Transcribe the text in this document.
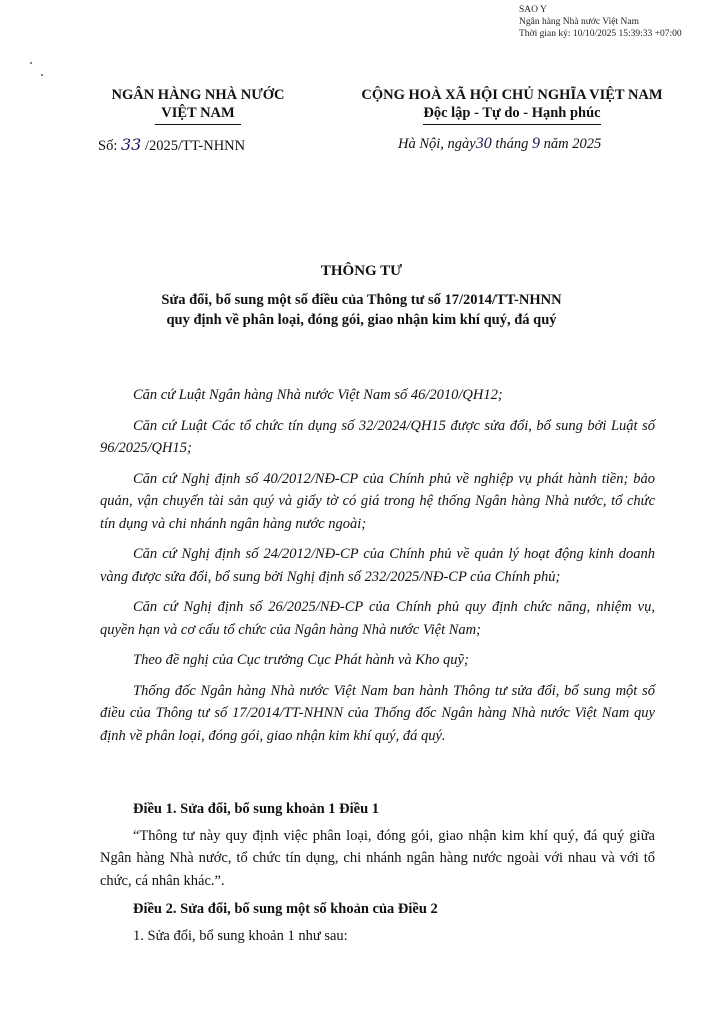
SAO Y
Ngân hàng Nhà nước Việt Nam
Thời gian ký: 10/10/2025 15:39:33 +07:00
NGÂN HÀNG NHÀ NƯỚC
VIỆT NAM
CỘNG HOÀ XÃ HỘI CHỦ NGHĨA VIỆT NAM
Độc lập - Tự do - Hạnh phúc
Số: 33 /2025/TT-NHNN	Hà Nội, ngày30 tháng 9 năm 2025
THÔNG TƯ
Sửa đổi, bổ sung một số điều của Thông tư số 17/2014/TT-NHNN
quy định về phân loại, đóng gói, giao nhận kim khí quý, đá quý

Căn cứ Luật Ngân hàng Nhà nước Việt Nam số 46/2010/QH12;

Căn cứ Luật Các tổ chức tín dụng số 32/2024/QH15 được sửa đổi, bổ sung bởi Luật số 96/2025/QH15;

Căn cứ Nghị định số 40/2012/NĐ-CP của Chính phủ về nghiệp vụ phát hành tiền; bảo quản, vận chuyển tài sản quý và giấy tờ có giá trong hệ thống Ngân hàng Nhà nước, tổ chức tín dụng và chi nhánh ngân hàng nước ngoài;

Căn cứ Nghị định số 24/2012/NĐ-CP của Chính phủ về quản lý hoạt động kinh doanh vàng được sửa đổi, bổ sung bởi Nghị định số 232/2025/NĐ-CP của Chính phủ;

Căn cứ Nghị định số 26/2025/NĐ-CP của Chính phủ quy định chức năng, nhiệm vụ, quyền hạn và cơ cấu tổ chức của Ngân hàng Nhà nước Việt Nam;

Theo đề nghị của Cục trưởng Cục Phát hành và Kho quỹ;

Thống đốc Ngân hàng Nhà nước Việt Nam ban hành Thông tư sửa đổi, bổ sung một số điều của Thông tư số 17/2014/TT-NHNN của Thống đốc Ngân hàng Nhà nước Việt Nam quy định về phân loại, đóng gói, giao nhận kim khí quý, đá quý.

Điều 1. Sửa đổi, bổ sung khoản 1 Điều 1

“Thông tư này quy định việc phân loại, đóng gói, giao nhận kim khí quý, đá quý giữa Ngân hàng Nhà nước, tổ chức tín dụng, chi nhánh ngân hàng nước ngoài với nhau và với tổ chức, cá nhân khác.”.

Điều 2. Sửa đổi, bổ sung một số khoản của Điều 2

1. Sửa đổi, bổ sung khoản 1 như sau:
